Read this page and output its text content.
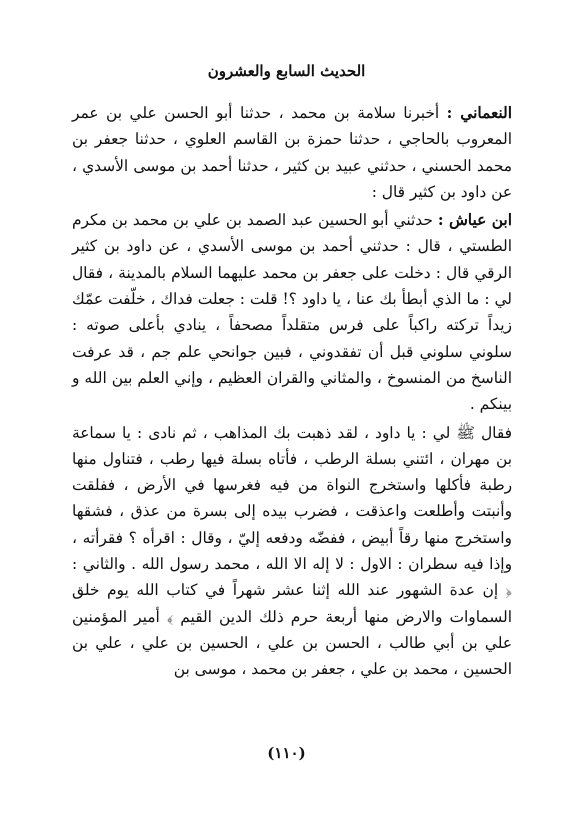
الحديث السابع والعشرون

النعماني : أخبرنا سلامة بن محمد ، حدثنا أبو الحسن علي بن عمر المعروب بالحاجي ، حدثنا حمزة بن القاسم العلوي ، حدثنا جعفر بن محمد الحسني ، حدثني عبيد بن كثير ، حدثنا أحمد بن موسى الأسدي ، عن داود بن كثير قال :

ابن عياش : حدثني أبو الحسين عبد الصمد بن علي بن محمد بن مكرم الطستي ، قال : حدثني أحمد بن موسى الأسدي ، عن داود بن كثير الرقي قال : دخلت على جعفر بن محمد عليهما السلام بالمدينة ، فقال لي : ما الذي أبطأ بك عنا ، يا داود ؟! قلت : جعلت فداك ، خلّفت عمّك زيداً تركته راكباً على فرس متقلداً مصحفاً ، ينادي بأعلى صوته : سلوني سلوني قبل أن تفقدوني ، فبين جوانحي علم جم ، قد عرفت الناسخ من المنسوخ ، والمثاني والقران العظيم ، وإني العلم بين الله و بينكم .

فقال ﷺ لي : يا داود ، لقد ذهبت بك المذاهب ، ثم نادى : يا سماعة بن مهران ، ائتني بسلة الرطب ، فأتاه بسلة فيها رطب ، فتناول منها رطبة فأكلها واستخرج النواة من فيه فغرسها في الأرض ، ففلقت وأنبتت وأطلعت واعذقت ، فضرب بيده إلى بسرة من عذق ، فشقها واستخرج منها رقاً أبيض ، ففضّه ودفعه إليّ ، وقال : اقرأه ؟ فقرأته ، وإذا فيه سطران : الاول : لا إله الا الله ، محمد رسول الله . والثاني : ﴿ إن عدة الشهور عند الله إثنا عشر شهراً في كتاب الله يوم خلق السماوات والارض منها أربعة حرم ذلك الدين القيم ﴾ أمير المؤمنين علي بن أبي طالب ، الحسن بن علي ، الحسين بن علي ، علي بن الحسين ، محمد بن علي ، جعفر بن محمد ، موسى بن

(١١٠)
